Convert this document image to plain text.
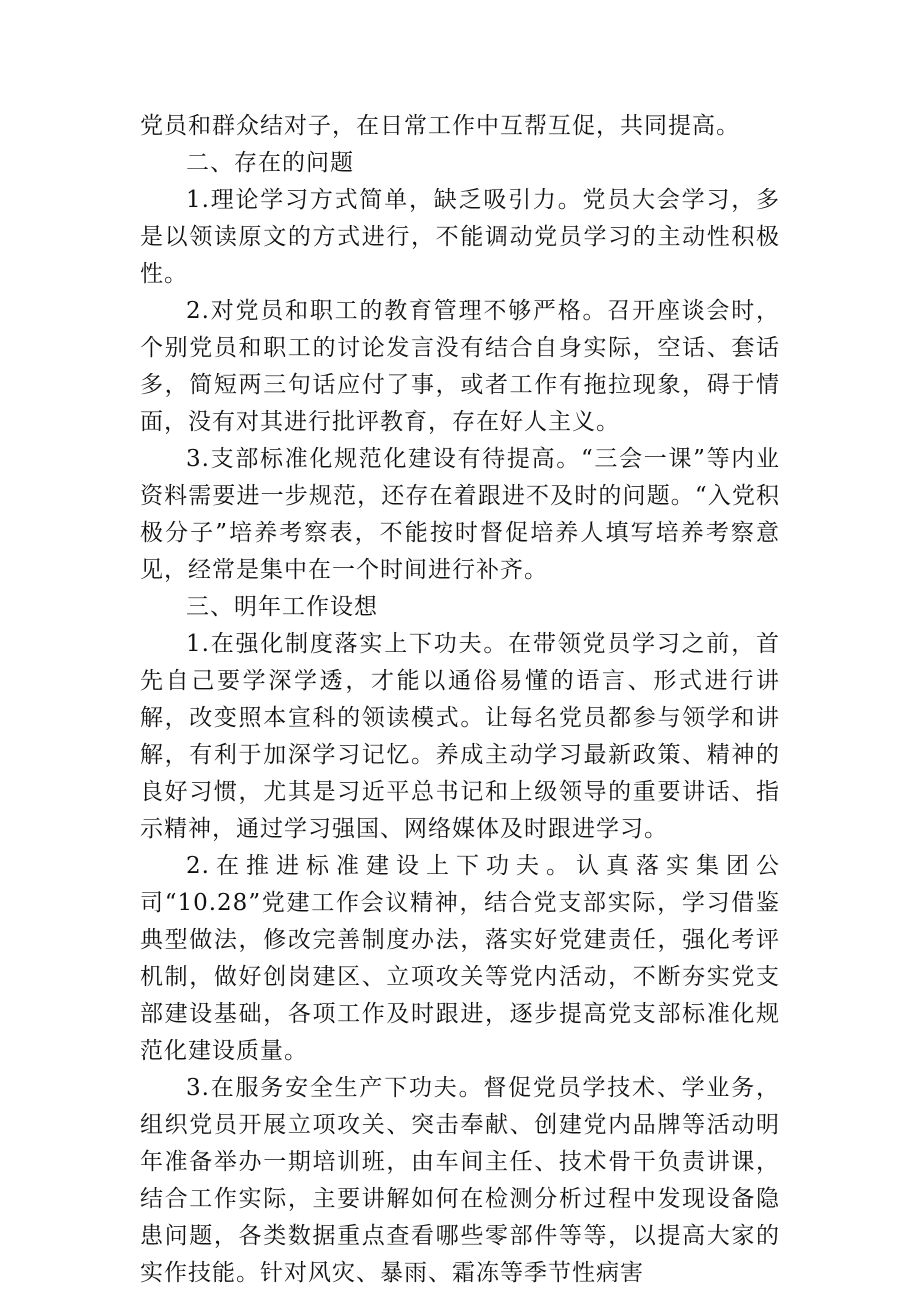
党员和群众结对子，在日常工作中互帮互促，共同提高。

二、存在的问题

1.理论学习方式简单，缺乏吸引力。党员大会学习，多是以领读原文的方式进行，不能调动党员学习的主动性积极性。

2.对党员和职工的教育管理不够严格。召开座谈会时，个别党员和职工的讨论发言没有结合自身实际，空话、套话多，简短两三句话应付了事，或者工作有拖拉现象，碍于情面，没有对其进行批评教育，存在好人主义。

3.支部标准化规范化建设有待提高。“三会一课”等内业资料需要进一步规范，还存在着跟进不及时的问题。“入党积极分子”培养考察表，不能按时督促培养人填写培养考察意见，经常是集中在一个时间进行补齐。

三、明年工作设想

1.在强化制度落实上下功夫。在带领党员学习之前，首先自己要学深学透，才能以通俗易懂的语言、形式进行讲解，改变照本宣科的领读模式。让每名党员都参与领学和讲解，有利于加深学习记忆。养成主动学习最新政策、精神的良好习惯，尤其是习近平总书记和上级领导的重要讲话、指示精神，通过学习强国、网络媒体及时跟进学习。

2.在推进标准建设上下功夫。认真落实集团公司“10.28”党建工作会议精神，结合党支部实际，学习借鉴典型做法，修改完善制度办法，落实好党建责任，强化考评机制，做好创岗建区、立项攻关等党内活动，不断夯实党支部建设基础，各项工作及时跟进，逐步提高党支部标准化规范化建设质量。

3.在服务安全生产下功夫。督促党员学技术、学业务，组织党员开展立项攻关、突击奉献、创建党内品牌等活动明年准备举办一期培训班，由车间主任、技术骨干负责讲课，结合工作实际，主要讲解如何在检测分析过程中发现设备隐患问题，各类数据重点查看哪些零部件等等，以提高大家的实作技能。针对风灾、暴雨、霜冻等季节性病害
